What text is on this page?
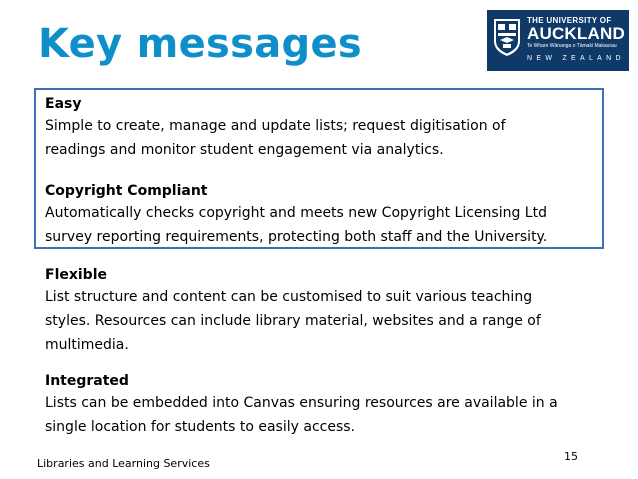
Key messages
THE UNIVERSITY OF
AUCKLAND
Te Whare Wānanga o Tāmaki Makaurau
NEW ZEALAND

Easy

Simple to create, manage and update lists; request digitisation of

readings and monitor student engagement via analytics.

Copyright Compliant

Automatically checks copyright and meets new Copyright Licensing Ltd

survey reporting requirements, protecting both staff and the University.

Flexible

List structure and content can be customised to suit various teaching

styles. Resources can include library material, websites and a range of

multimedia.

Integrated

Lists can be embedded into Canvas ensuring resources are available in a

single location for students to easily access.

Libraries and Learning Services
15
